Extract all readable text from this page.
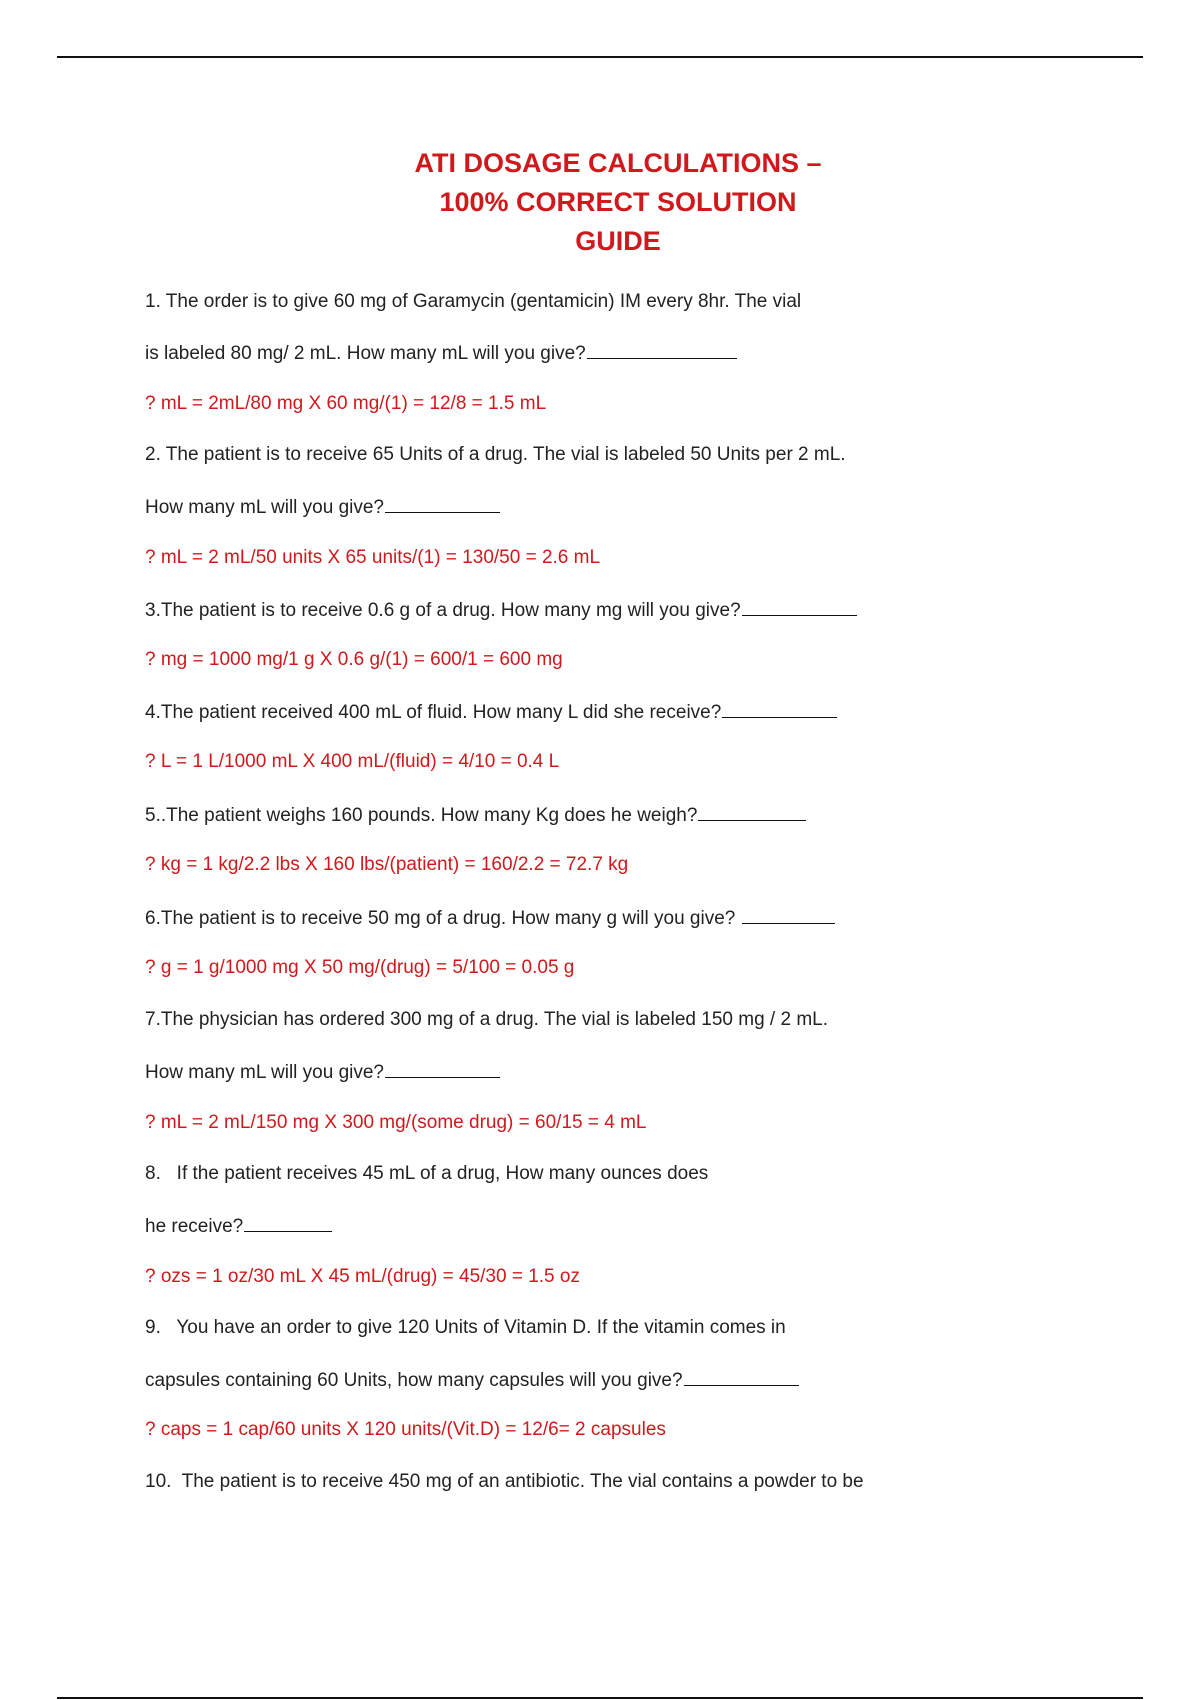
ATI DOSAGE CALCULATIONS –
100% CORRECT SOLUTION
GUIDE
1. The order is to give 60 mg of Garamycin (gentamicin) IM every 8hr. The vial
is labeled 80 mg/ 2 mL. How many mL will you give?
? mL = 2mL/80 mg X 60 mg/(1) = 12/8 = 1.5 mL
2. The patient is to receive 65 Units of a drug. The vial is labeled 50 Units per 2 mL.
How many mL will you give?
? mL = 2 mL/50 units X 65 units/(1) = 130/50 = 2.6 mL
3.The patient is to receive 0.6 g of a drug. How many mg will you give?
? mg = 1000 mg/1 g X 0.6 g/(1) = 600/1 = 600 mg
4.The patient received 400 mL of fluid. How many L did she receive?
? L = 1 L/1000 mL X 400 mL/(fluid) = 4/10 = 0.4 L
5..The patient weighs 160 pounds. How many Kg does he weigh?
? kg = 1 kg/2.2 lbs X 160 lbs/(patient) = 160/2.2 = 72.7 kg
6.The patient is to receive 50 mg of a drug. How many g will you give?
? g = 1 g/1000 mg X 50 mg/(drug) = 5/100 = 0.05 g
7.The physician has ordered 300 mg of a drug. The vial is labeled 150 mg / 2 mL.
How many mL will you give?
? mL = 2 mL/150 mg X 300 mg/(some drug) = 60/15 = 4 mL
8.   If the patient receives 45 mL of a drug, How many ounces does
he receive?
? ozs = 1 oz/30 mL X 45 mL/(drug) = 45/30 = 1.5 oz
9.   You have an order to give 120 Units of Vitamin D. If the vitamin comes in
capsules containing 60 Units, how many capsules will you give?
? caps = 1 cap/60 units X 120 units/(Vit.D) = 12/6= 2 capsules
10.  The patient is to receive 450 mg of an antibiotic. The vial contains a powder to be
